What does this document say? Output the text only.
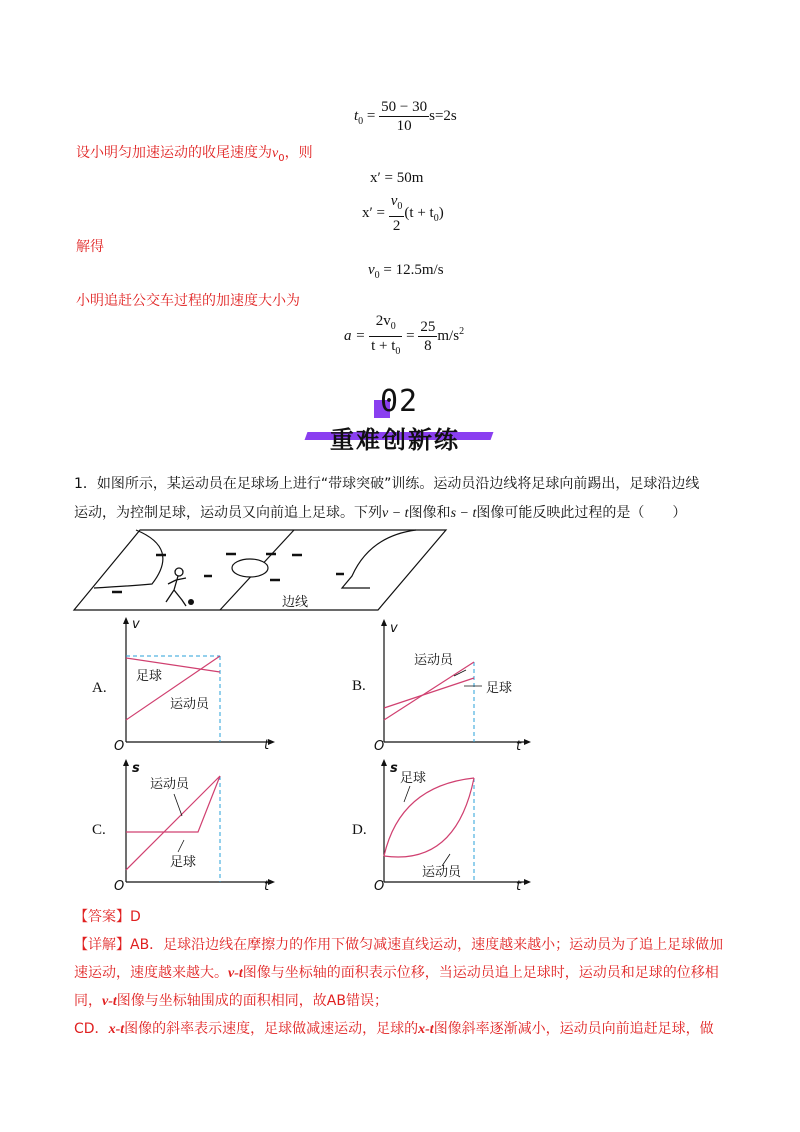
$t_0 = \frac{50 - 30}{10} s=2s$
设小明匀加速运动的收尾速度为$v_0$，则
x′ = 50m
$x' = \frac{v_0}{2} (t + t_0)$
解得
$v_0 = 12.5m/s$
小明追赶公交车过程的加速度大小为
$a = \frac{2v_0}{t + t_0} = \frac{25}{8} m/s^2$
02
重难创新练
1．如图所示，某运动员在足球场上进行“带球突破”训练。运动员沿边线将足球向前踢出，足球沿边线
运动，为控制足球，运动员又向前追上足球。下列v − t图像和s − t图像可能反映此过程的是（　　）
边线
A.
v
t
O
足球
运动员
B.
v
t
O
运动员
足球
C.
s
t
O
运动员
足球
D.
s
t
O
足球
运动员
【答案】D
【详解】AB．足球沿边线在摩擦力的作用下做匀减速直线运动，速度越来越小；运动员为了追上足球做加
速运动，速度越来越大。v-t图像与坐标轴的面积表示位移，当运动员追上足球时，运动员和足球的位移相
同，v-t图像与坐标轴围成的面积相同，故AB错误；
CD．x-t图像的斜率表示速度，足球做减速运动，足球的x-t图像斜率逐渐减小，运动员向前追赶足球，做
